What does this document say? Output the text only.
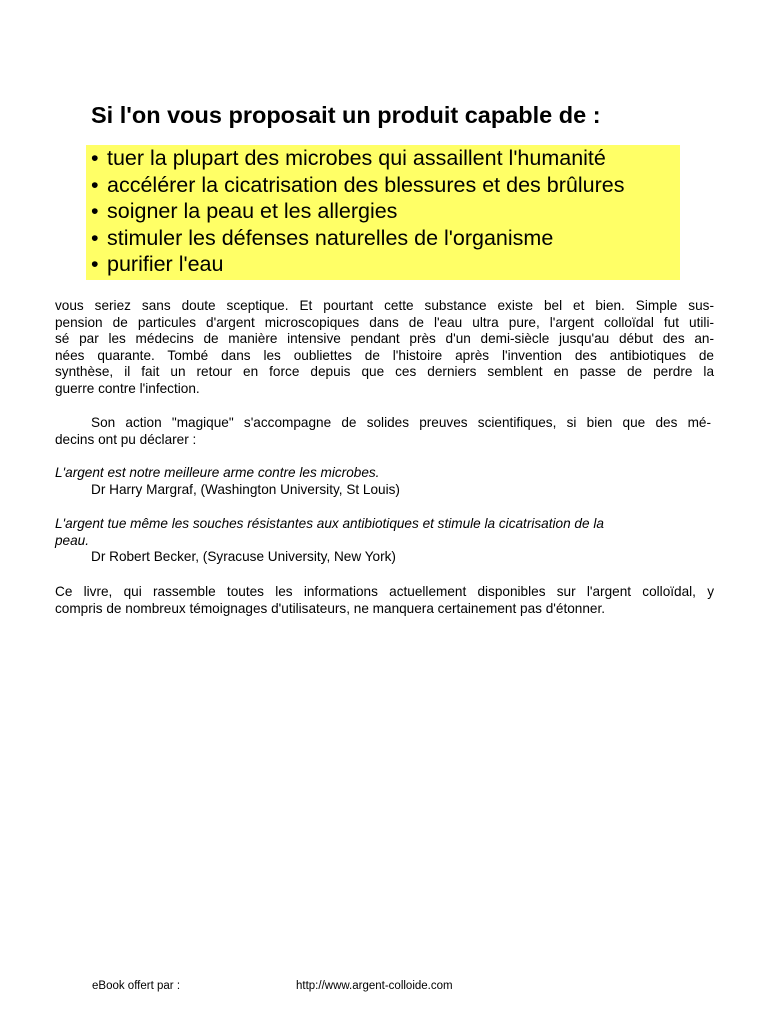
Si l'on vous proposait un produit capable de :
• tuer la plupart des microbes qui assaillent l'humanité
• accélérer la cicatrisation des blessures et des brûlures
• soigner la peau et les allergies
• stimuler les défenses naturelles de l'organisme
• purifier l'eau
vous seriez sans doute sceptique. Et pourtant cette substance existe bel et bien. Simple sus-
pension de particules d'argent microscopiques dans de l'eau ultra pure, l'argent colloïdal fut utili-
sé par les médecins de manière intensive pendant près d'un demi-siècle jusqu'au début des an-
nées quarante. Tombé dans les oubliettes de l'histoire après l'invention des antibiotiques de
synthèse, il fait un retour en force depuis que ces derniers semblent en passe de perdre la
guerre contre l'infection.
Son action "magique" s'accompagne de solides preuves scientifiques, si bien que des mé-
decins ont pu déclarer :
L'argent est notre meilleure arme contre les microbes.
Dr Harry Margraf, (Washington University, St Louis)
L'argent tue même les souches résistantes aux antibiotiques et stimule la cicatrisation de la
peau.
Dr Robert Becker, (Syracuse University, New York)
Ce livre, qui rassemble toutes les informations actuellement disponibles sur l'argent colloïdal, y
compris de nombreux témoignages d'utilisateurs, ne manquera certainement pas d'étonner.
eBook offert par :	http://www.argent-colloide.com
